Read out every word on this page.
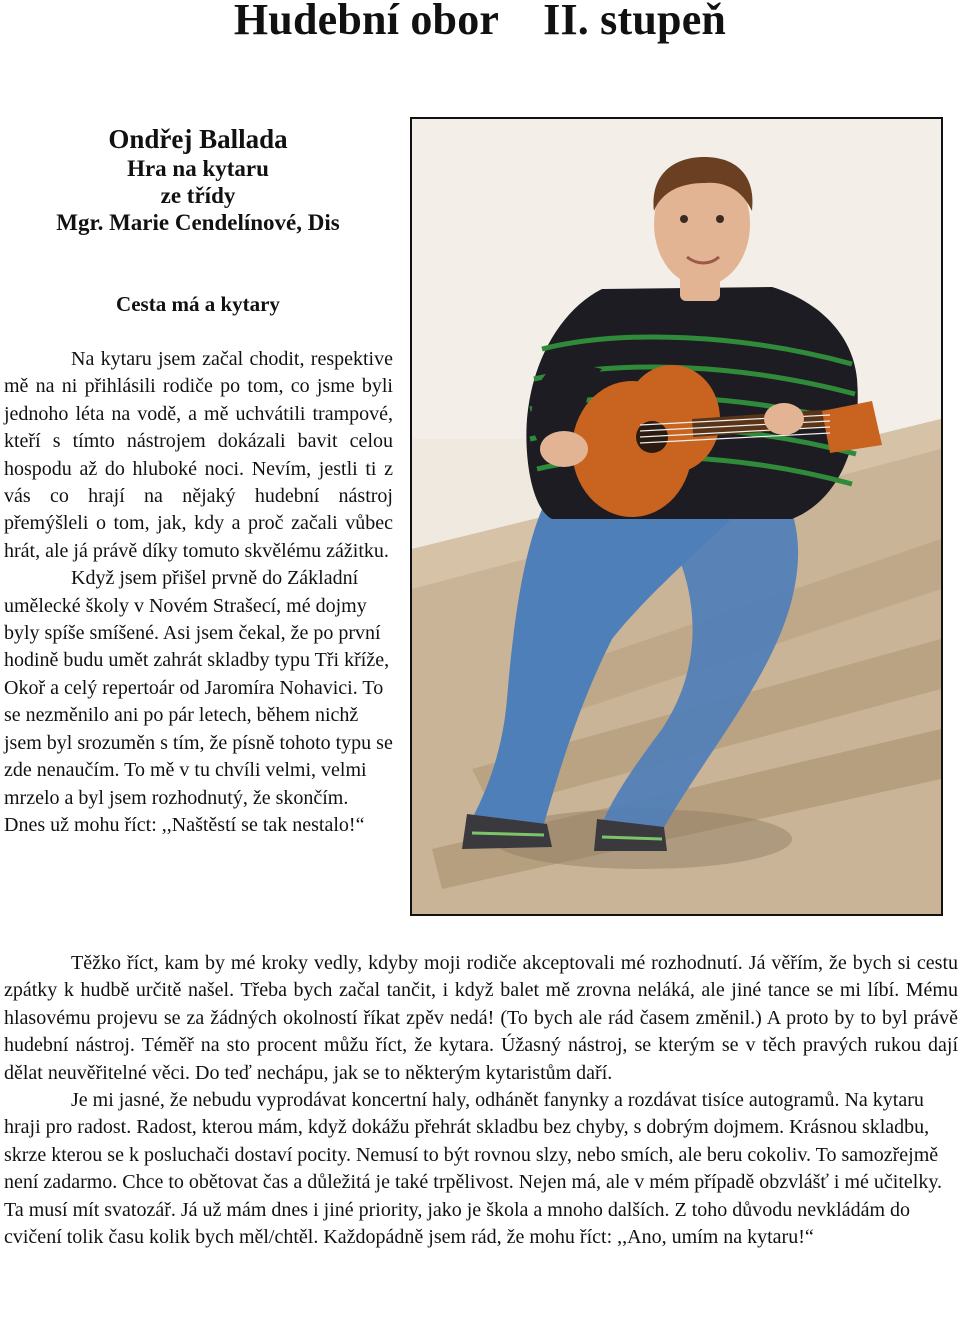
Hudební obor    II. stupeň
Ondřej Ballada
Hra na kytaru
ze třídy
Mgr. Marie Cendelínové, Dis
Cesta má a kytary

Na kytaru jsem začal chodit, respektive mě na ni přihlásili rodiče po tom, co jsme byli jednoho léta na vodě, a mě uchvátili trampové, kteří s tímto nástrojem dokázali bavit celou hospodu až do hluboké noci. Nevím, jestli ti z vás co hrají na nějaký hudební nástroj přemýšleli o tom, jak, kdy a proč začali vůbec hrát, ale já právě díky tomuto skvělému zážitku.

Když jsem přišel prvně do Základní umělecké školy v Novém Strašecí, mé dojmy byly spíše smíšené. Asi jsem čekal, že po první hodině budu umět zahrát skladby typu Tři kříže, Okoř a celý repertoár od Jaromíra Nohavici. To se nezměnilo ani po pár letech, během nichž jsem byl srozuměn s tím, že písně tohoto typu se zde nenaučím. To mě v tu chvíli velmi, velmi mrzelo a byl jsem rozhodnutý, že skončím. Dnes už mohu říct: ,,Naštěstí se tak nestalo!“

Těžko říct, kam by mé kroky vedly, kdyby moji rodiče akceptovali mé rozhodnutí. Já věřím, že bych si cestu zpátky k hudbě určitě našel. Třeba bych začal tančit, i když balet mě zrovna neláká, ale jiné tance se mi líbí. Mému hlasovému projevu se za žádných okolností říkat zpěv nedá! (To bych ale rád časem změnil.) A proto by to byl právě hudební nástroj. Téměř na sto procent můžu říct, že kytara. Úžasný nástroj, se kterým se v těch pravých rukou dají dělat neuvěřitelné věci. Do teď nechápu, jak se to některým kytaristům daří.

Je mi jasné, že nebudu vyprodávat koncertní haly, odhánět fanynky a rozdávat tisíce autogramů. Na kytaru hraji pro radost. Radost, kterou mám, když dokážu přehrát skladbu bez chyby, s dobrým dojmem. Krásnou skladbu, skrze kterou se k posluchači dostaví pocity. Nemusí to být rovnou slzy, nebo smích, ale beru cokoliv. To samozřejmě není zadarmo. Chce to obětovat čas a důležitá je také trpělivost. Nejen má, ale v mém případě obzvlášť i mé učitelky. Ta musí mít svatozář. Já už mám dnes i jiné priority, jako je škola a mnoho dalších. Z toho důvodu nevkládám do cvičení tolik času kolik bych měl/chtěl. Každopádně jsem rád, že mohu říct: ,,Ano, umím na kytaru!“
